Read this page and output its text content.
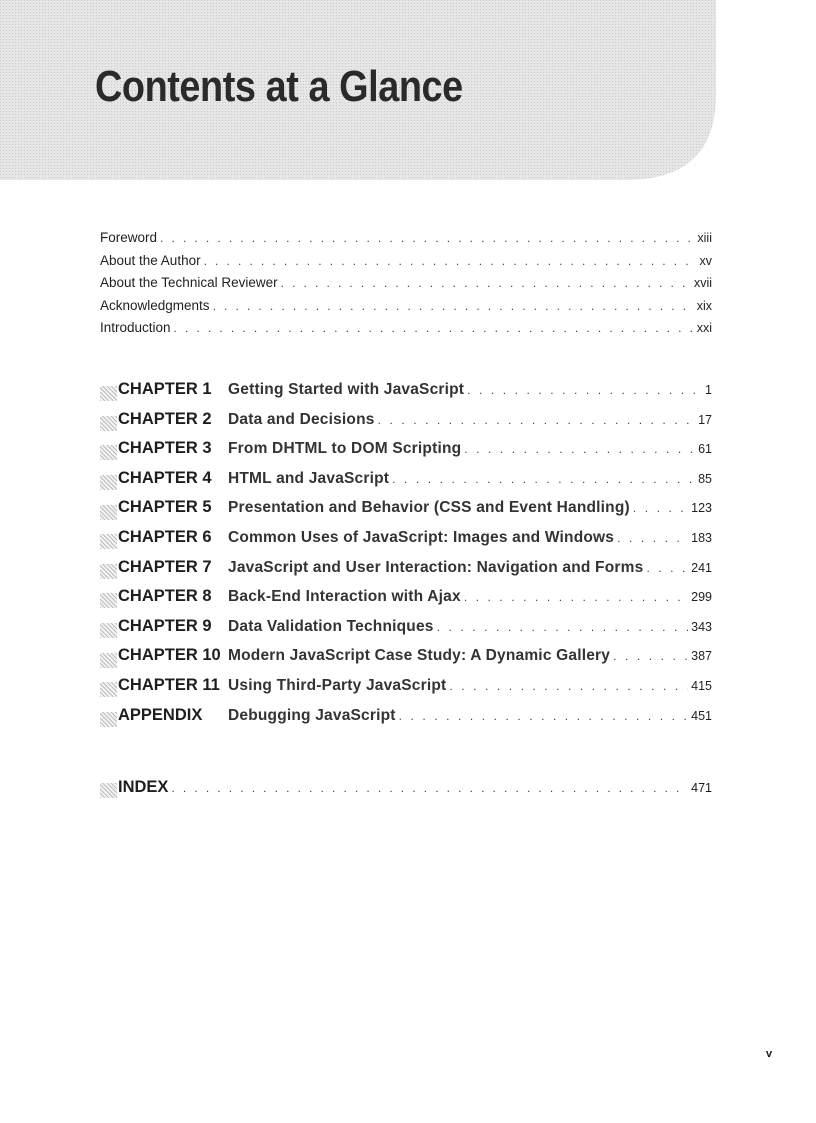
Contents at a Glance
Foreword . . .	xiii
About the Author . . .	xv
About the Technical Reviewer . . .	xvii
Acknowledgments . . .	xix
Introduction . . .	xxi
CHAPTER 1	Getting Started with JavaScript . . .	1
CHAPTER 2	Data and Decisions . . .	17
CHAPTER 3	From DHTML to DOM Scripting . . .	61
CHAPTER 4	HTML and JavaScript . . .	85
CHAPTER 5	Presentation and Behavior (CSS and Event Handling) . . .	123
CHAPTER 6	Common Uses of JavaScript: Images and Windows . . .	183
CHAPTER 7	JavaScript and User Interaction: Navigation and Forms . . .	241
CHAPTER 8	Back-End Interaction with Ajax . . .	299
CHAPTER 9	Data Validation Techniques . . .	343
CHAPTER 10 Modern JavaScript Case Study: A Dynamic Gallery . . .	387
CHAPTER 11 Using Third-Party JavaScript . . .	415
APPENDIX	Debugging JavaScript . . .	451
INDEX . . .	471
v
